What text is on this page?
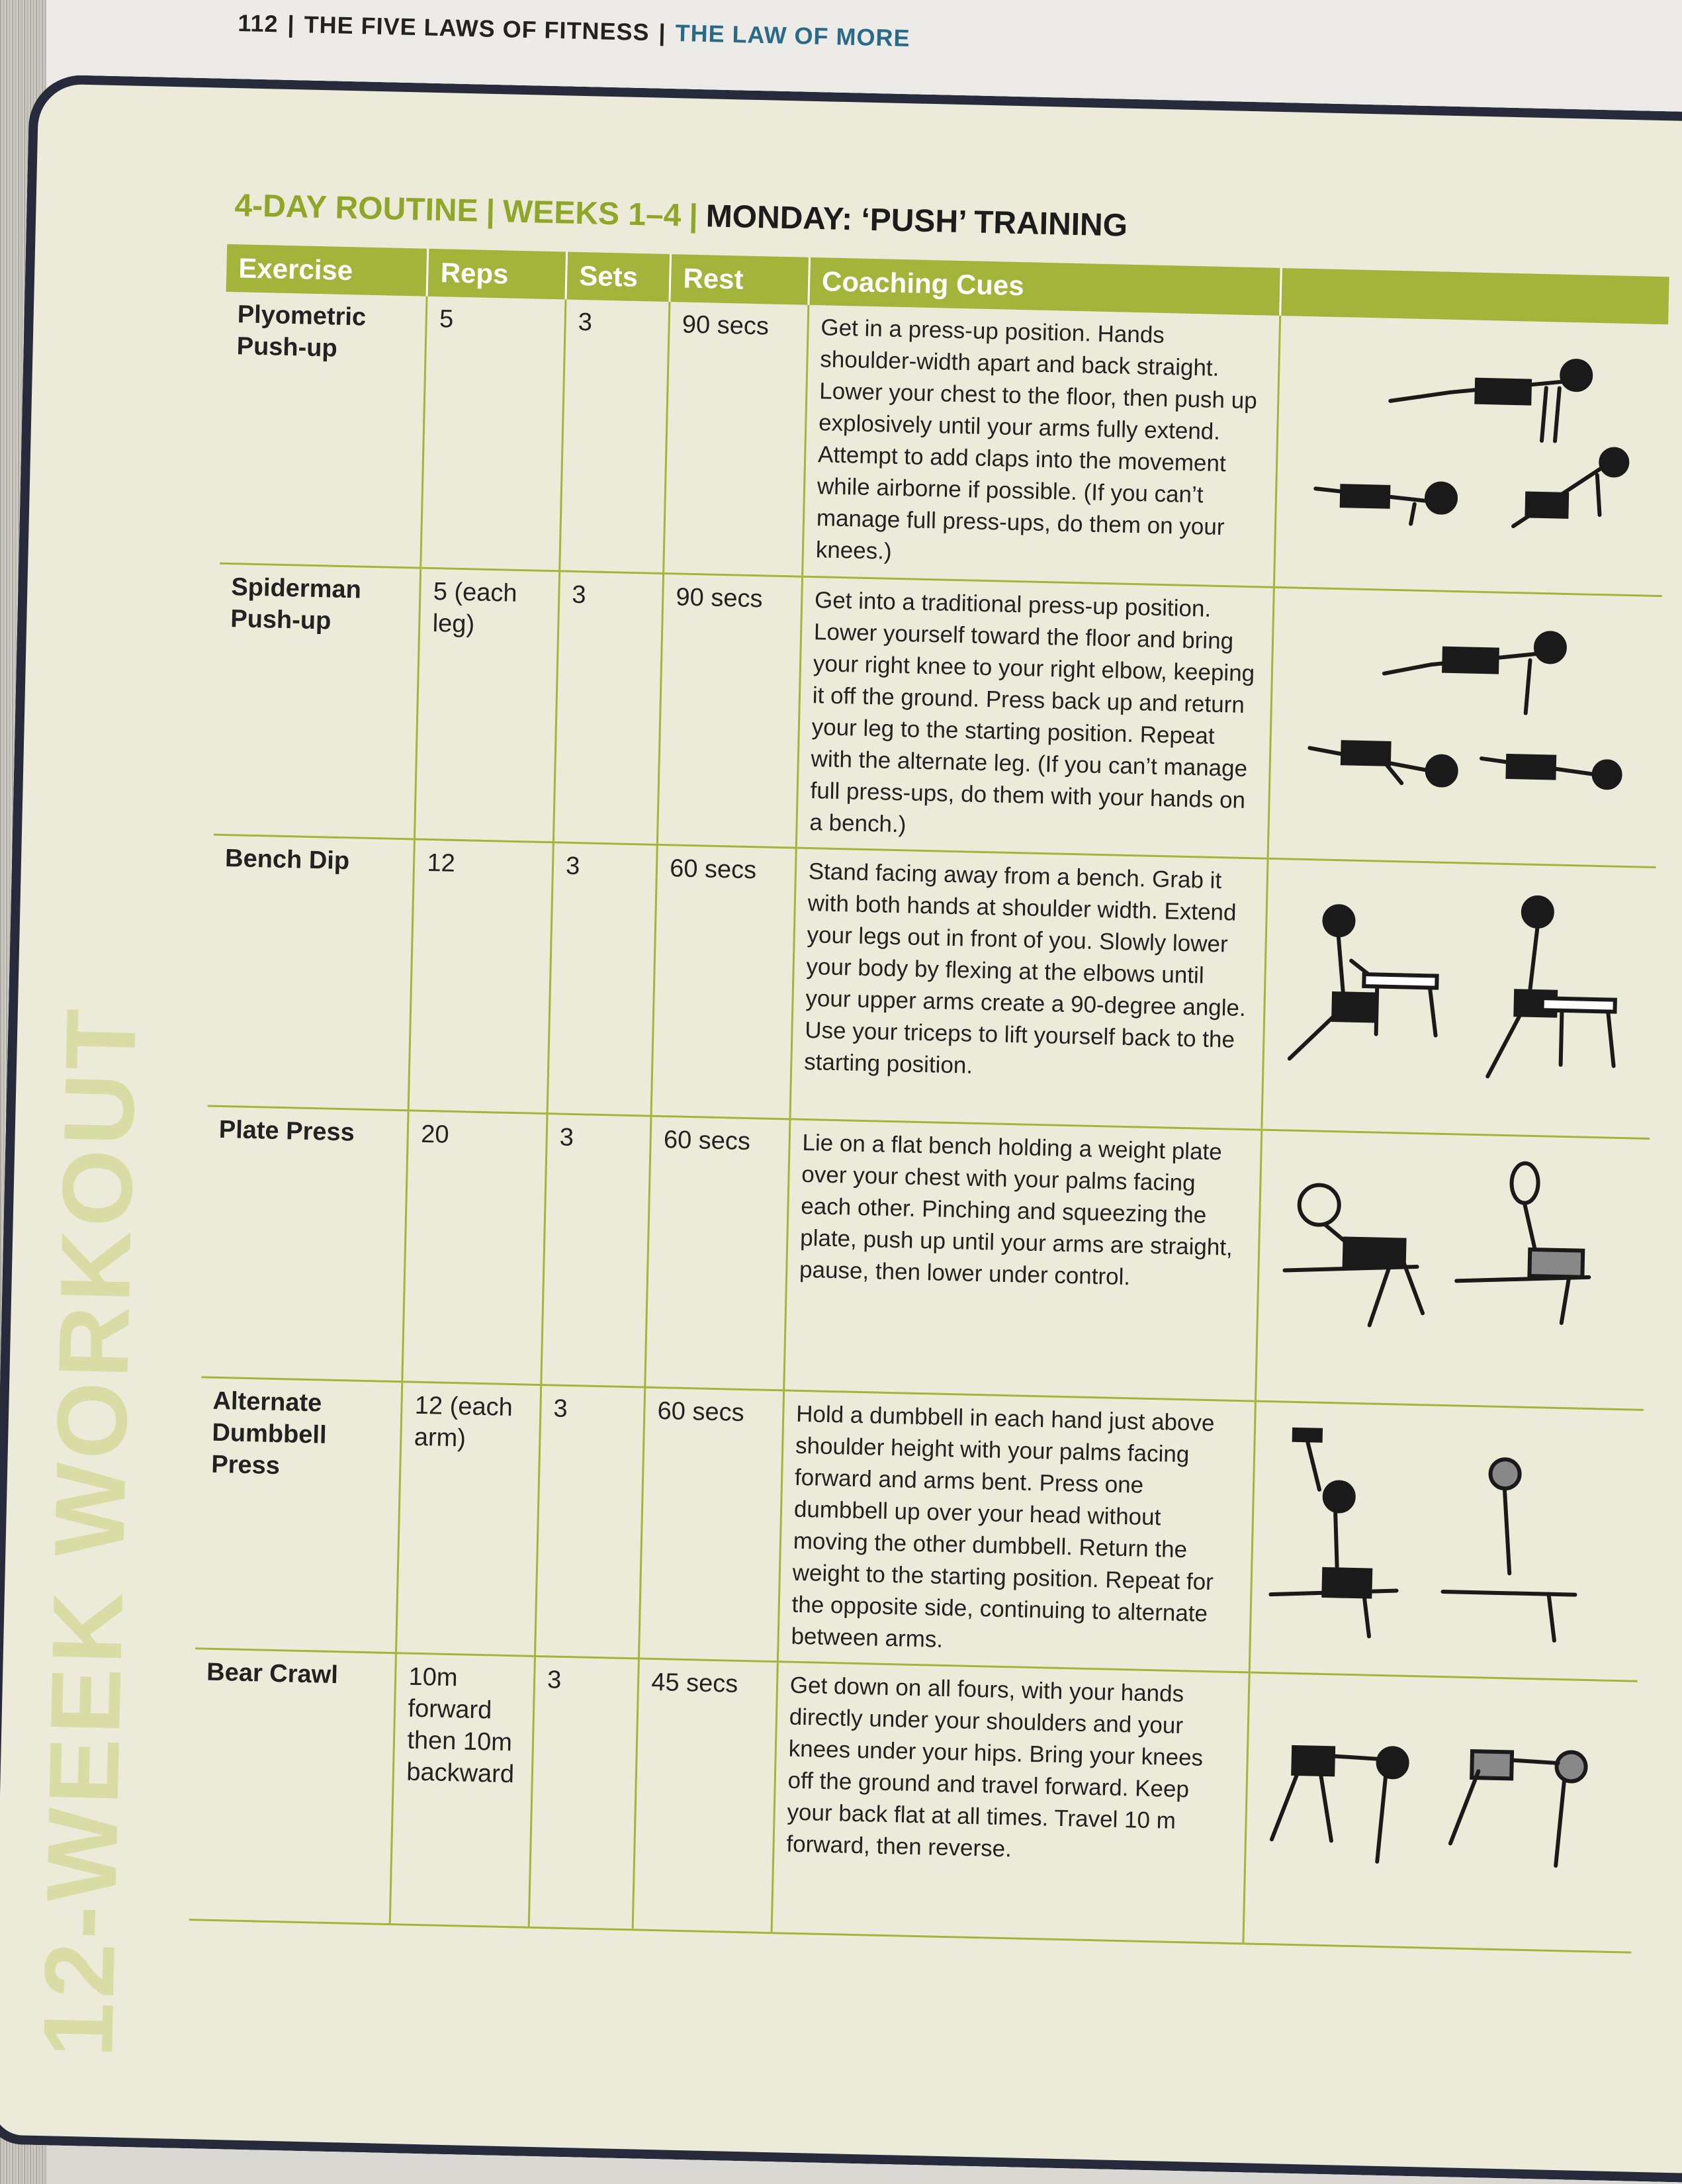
112 | THE FIVE LAWS OF FITNESS | THE LAW OF MORE
12-WEEK WORKOUT
4-DAY ROUTINE | WEEKS 1–4 | MONDAY: ‘PUSH’ TRAINING
Exercise	Reps	Sets	Rest	Coaching Cues	
Plyometric Push-up	5	3	90 secs	Get in a press-up position. Hands shoulder-width apart and back straight. Lower your chest to the floor, then push up explosively until your arms fully extend. Attempt to add claps into the movement while airborne if possible. (If you can’t manage full press-ups, do them on your knees.)	

Spiderman Push-up	5 (each leg)	3	90 secs	Get into a traditional press-up position. Lower yourself toward the floor and bring your right knee to your right elbow, keeping it off the ground. Press back up and return your leg to the starting position. Repeat with the alternate leg. (If you can’t manage full press-ups, do them with your hands on a bench.)	

Bench Dip	12	3	60 secs	Stand facing away from a bench. Grab it with both hands at shoulder width. Extend your legs out in front of you. Slowly lower your body by flexing at the elbows until your upper arms create a 90-degree angle. Use your triceps to lift yourself back to the starting position.	

Plate Press	20	3	60 secs	Lie on a flat bench holding a weight plate over your chest with your palms facing each other. Pinching and squeezing the plate, push up until your arms are straight, pause, then lower under control.	

Alternate Dumbbell Press	12 (each arm)	3	60 secs	Hold a dumbbell in each hand just above shoulder height with your palms facing forward and arms bent. Press one dumbbell up over your head without moving the other dumbbell. Return the weight to the starting position. Repeat for the opposite side, continuing to alternate between arms.	

Bear Crawl	10m forward then 10m backward	3	45 secs	Get down on all fours, with your hands directly under your shoulders and your knees under your hips. Bring your knees off the ground and travel forward. Keep your back flat at all times. Travel 10 m forward, then reverse.	
